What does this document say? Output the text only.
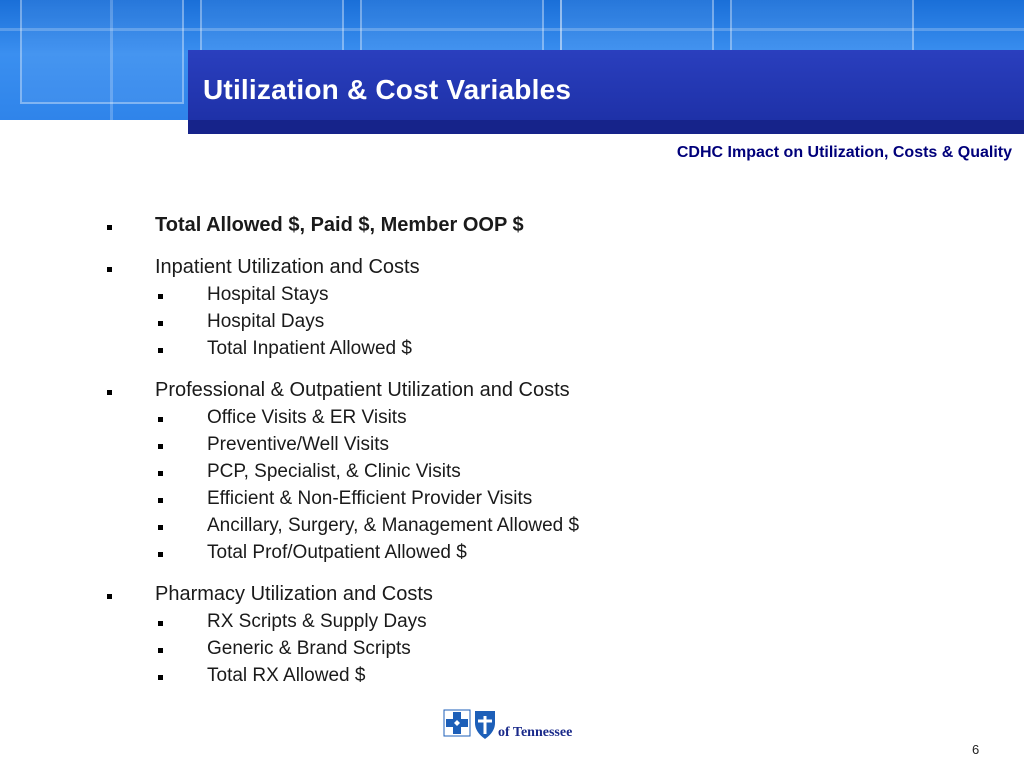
Utilization & Cost Variables
CDHC Impact on Utilization, Costs & Quality
Total Allowed $, Paid $, Member OOP $
Inpatient Utilization and Costs
Hospital Stays
Hospital Days
Total Inpatient Allowed $
Professional & Outpatient Utilization and Costs
Office Visits & ER Visits
Preventive/Well Visits
PCP, Specialist, & Clinic Visits
Efficient & Non-Efficient Provider Visits
Ancillary, Surgery, & Management Allowed $
Total Prof/Outpatient Allowed $
Pharmacy Utilization and Costs
RX Scripts & Supply Days
Generic & Brand Scripts
Total RX Allowed $
of Tennessee
6
